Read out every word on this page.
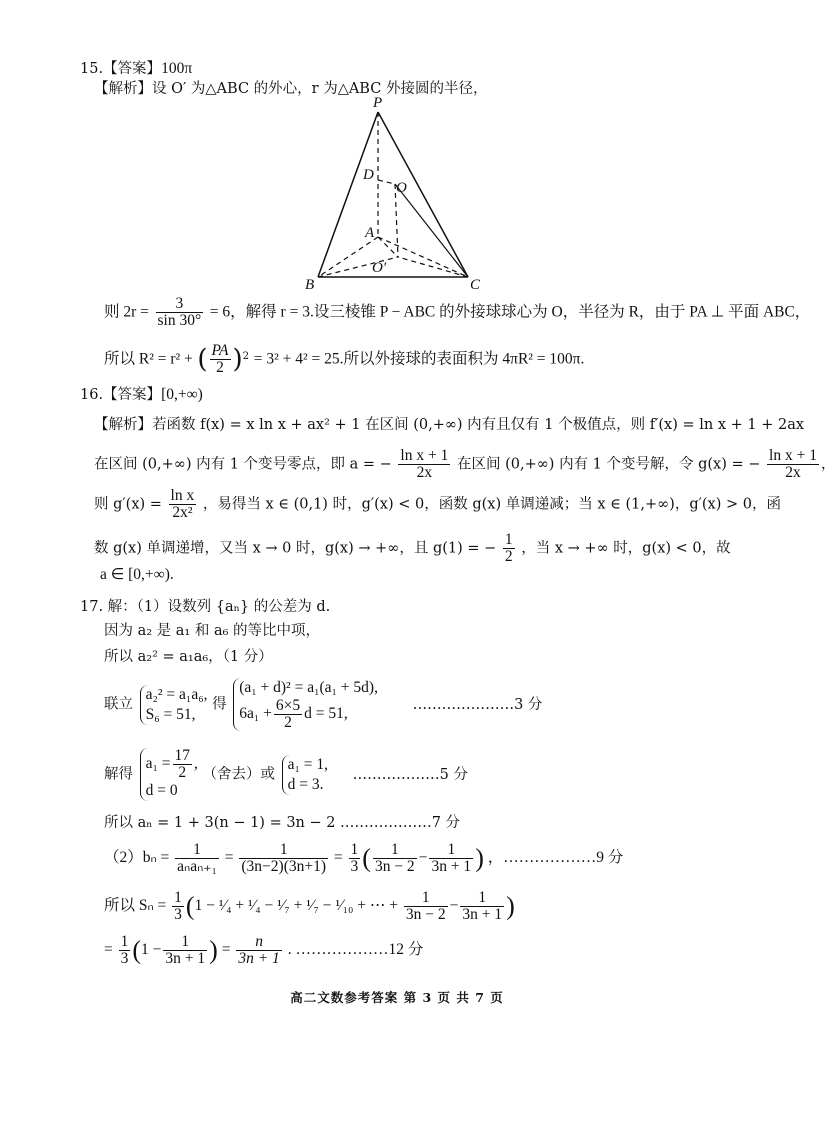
15.【答案】100π
【解析】设 O′ 为△ABC 的外心，r 为△ABC 外接圆的半径，
P
D
O
A
O′
B	C
则 $2r = \frac{3}{\sin 30^\circ} = 6$，解得 r = 3.设三棱锥 P − ABC 的外接球球心为 O，半径为 R，由于 PA ⊥ 平面 ABC，
所以 R² = r² + ( $\frac{PA}{2} )^2 = 3^2 + 4^2 = 25$.所以外接球的表面积为 4πR² = 100π.
16.【答案】[0,+∞)
【解析】若函数 f(x) = x ln x + ax² + 1 在区间 (0,+∞) 内有且仅有 1 个极值点，则 f′(x) = ln x + 1 + 2ax
在区间 (0,+∞) 内有 1 个变号零点，即 a = − $\frac{\text{ln x + 1}}{2x}$ 在区间 (0,+∞) 内有 1 个变号解，令 g(x) = − $\frac{\text{ln x + 1}}{2x}$ ，
则 $g'(x) = \frac{\text{ln x}}{\text{2x²}}$ ，易得当 x ∈ (0,1) 时，g′(x) < 0，函数 g(x) 单调递减；当 x ∈ (1,+∞)，g′(x) > 0，函
数 g(x) 单调递增，又当 x → 0 时，g(x) → +∞，且 g(1) = − $\frac{1}{2}$ ，当 x → +∞ 时，g(x) < 0，故
a ∈ [0,+∞).
17. 解：（1）设数列 {aₙ} 的公差为 d.
因为 a₂ 是 a₁ 和 a₆ 的等比中项，
所以 a₂² = a₁a₆，（1 分）
联立
a₂² = a₁a₆,
S₆ = 51,
得
(a₁ + d)² = a₁(a₁ + 5d),
$6a_1 + \frac{6\times 5}{2}$ d = 51,
…………………3 分
解得
$a_1 = \frac{17}{2}$ ,
d = 0
（舍去）或
a₁ = 1,
d = 3.
………………5 分
所以 aₙ = 1 + 3(n − 1) = 3n − 2 .………………7 分
$(2)b_n = \frac{1}{\text{aₙaₙ₊₁}} = \frac{1}{(3n-2)(3n+1)} = \frac{1}{3}$ ( $\frac{1}{3n - 2} - \frac{1}{3n + 1}$ ) ，………………9 分
所以 $S_n = \frac{1}{3} (1$ − ¹⁄₄ + ¹⁄₄ − ¹⁄₇ + ¹⁄₇ − ¹⁄₁₀ + ⋯ + $\frac{1}{3n - 2} - \frac{1}{3n + 1}$ )
= $\frac{1}{3} (1 - \frac{1}{3n + 1}$ ) = $\frac{n}{3n + 1}$ . ………………12 分
高二文数参考答案 第 3 页 共 7 页
